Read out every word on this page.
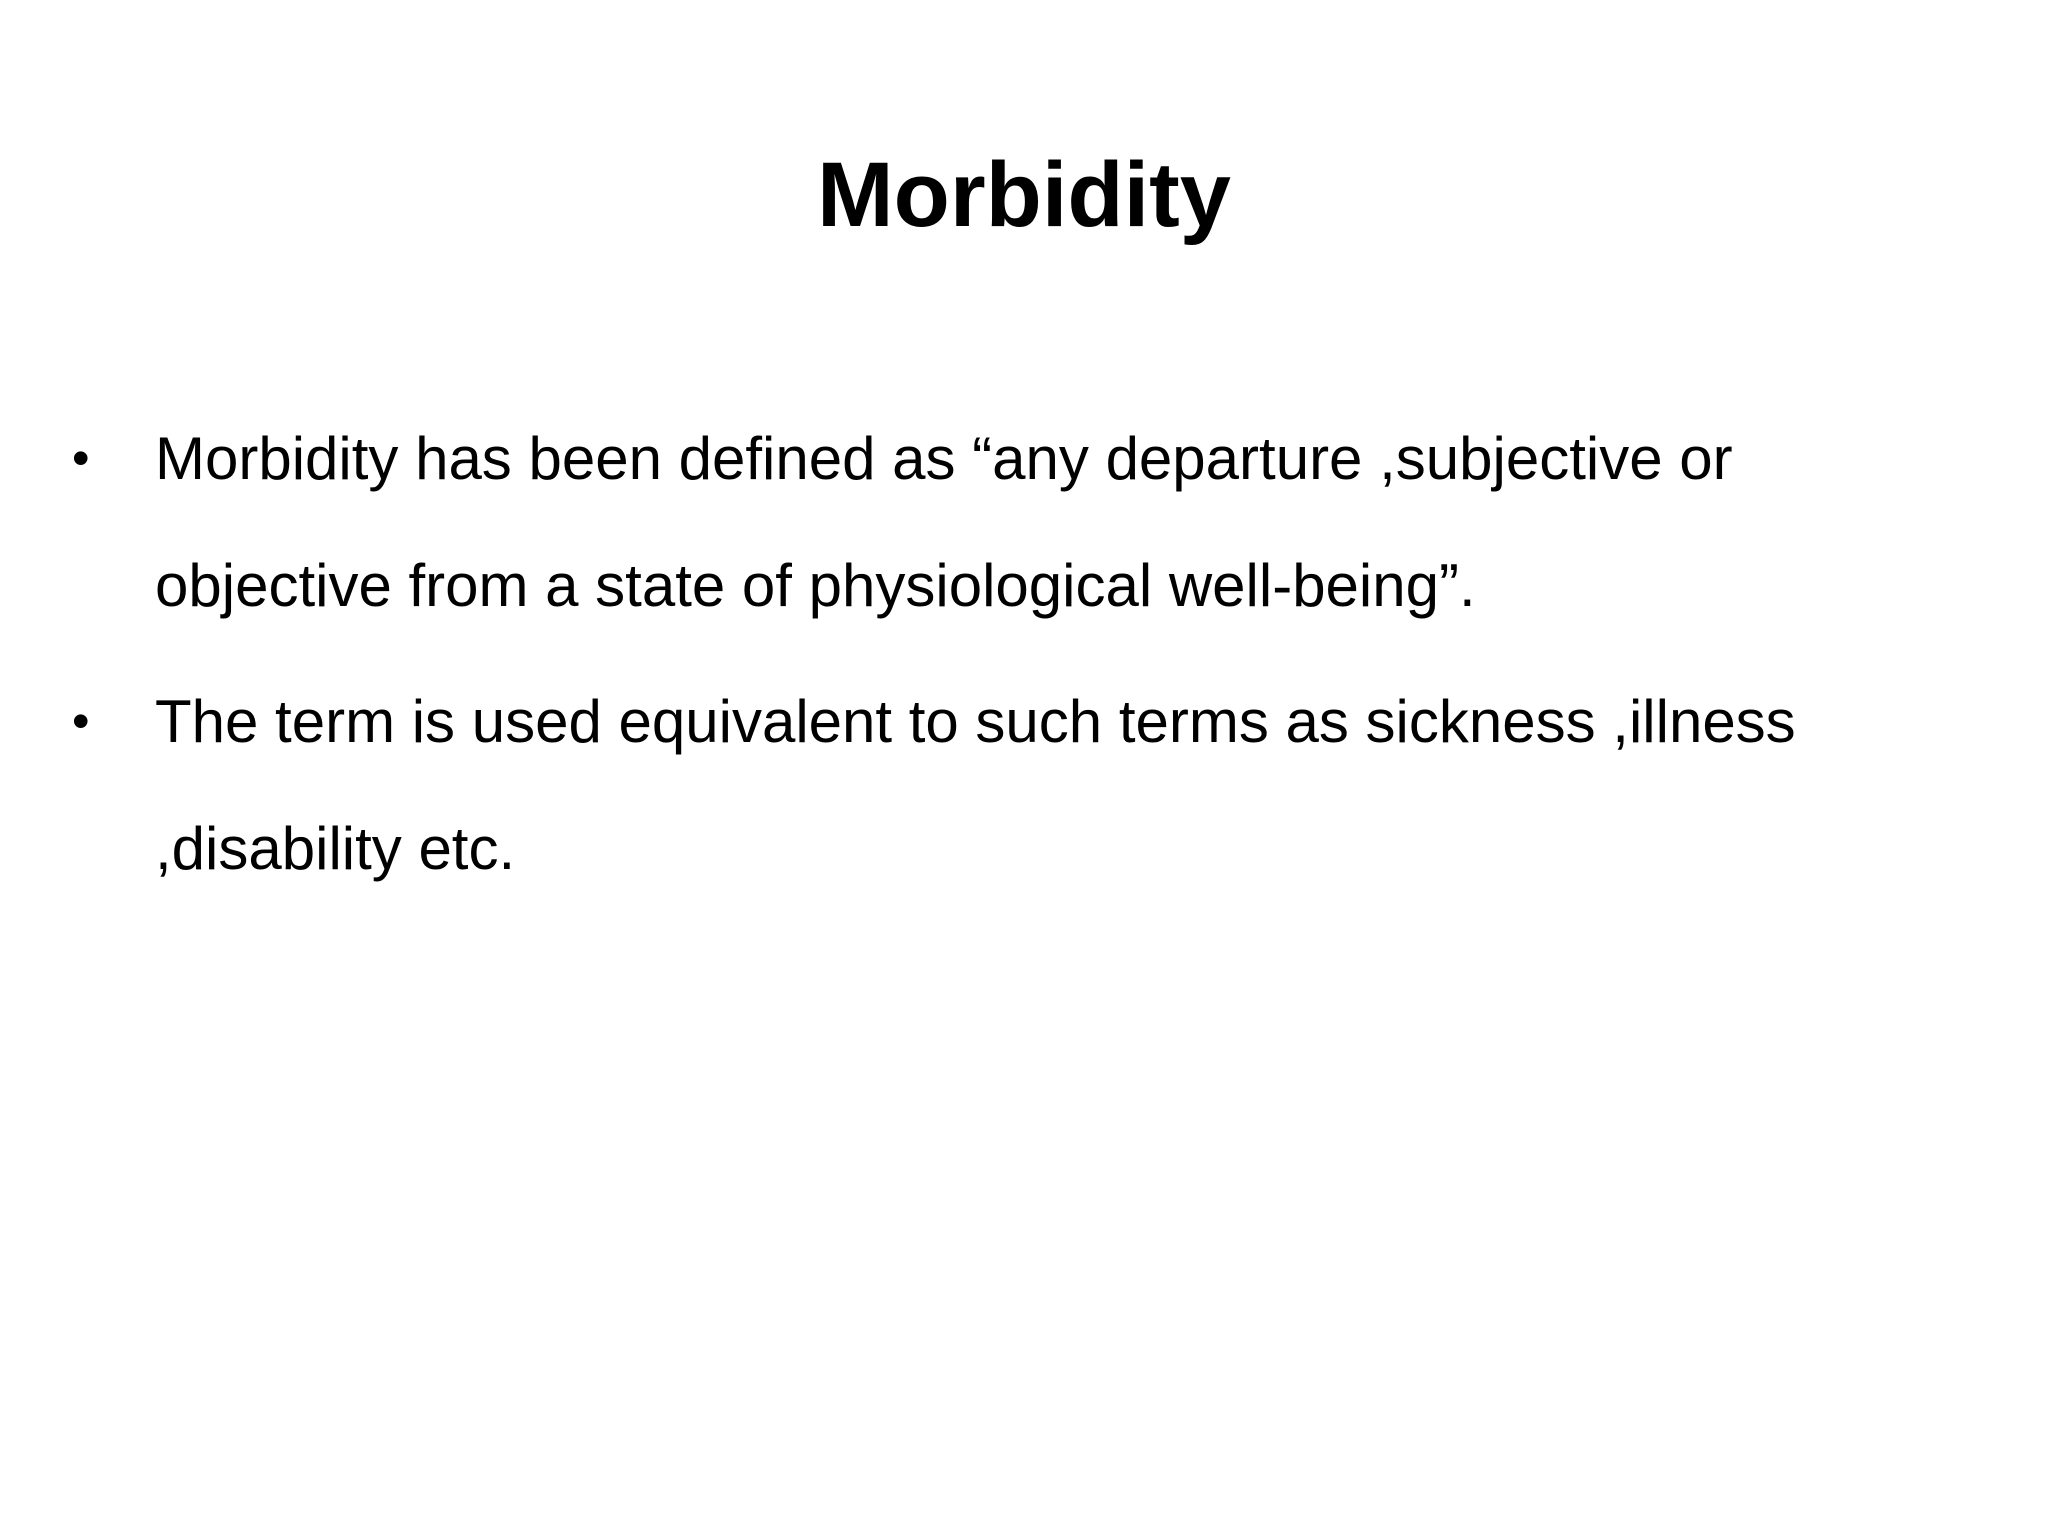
Morbidity
•	Morbidity has been defined as “any departure ,subjective or objective from a state of physiological well-being”.
•	The term is used equivalent to such terms as sickness ,illness ,disability etc.
